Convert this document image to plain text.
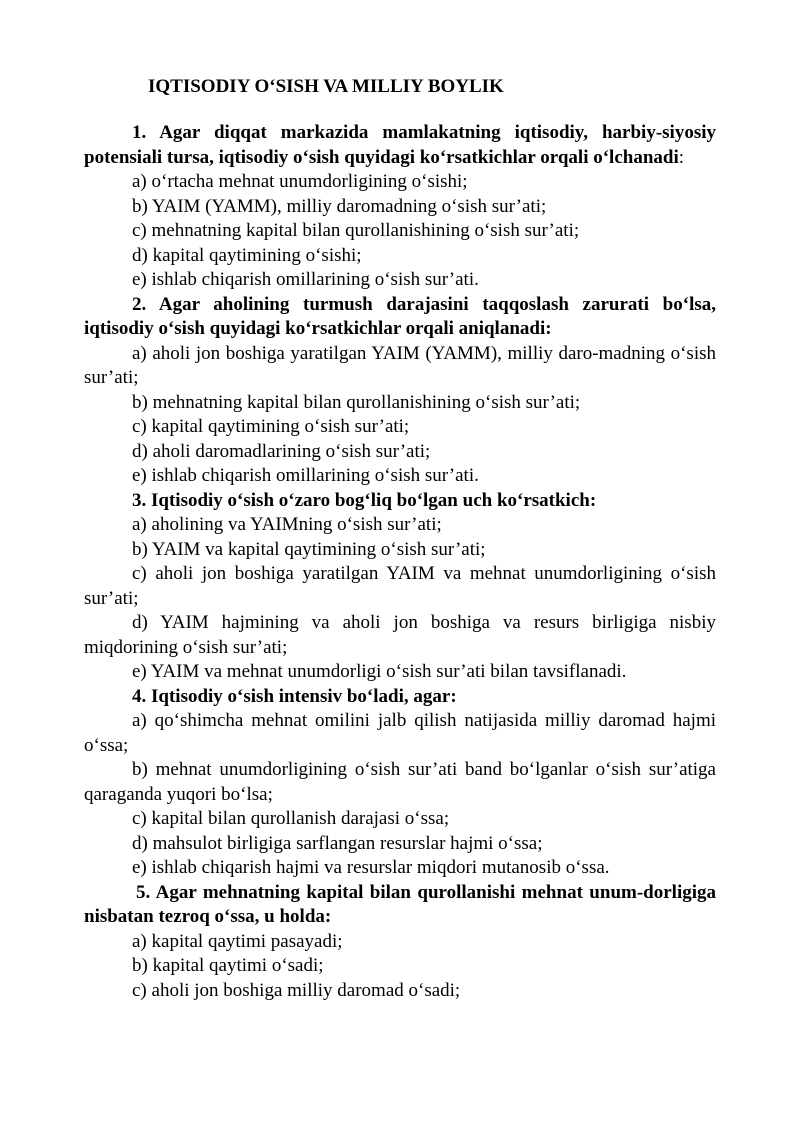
IQTISODIY O‘SISH VA MILLIY BOYLIK

1. Agar diqqat markazida mamlakatning iqtisodiy, harbiy-siyosiy potensiali tursa, iqtisodiy o‘sish quyidagi ko‘rsatkichlar orqali o‘lchanadi:

a) o‘rtacha mehnat unumdorligining o‘sishi;

b) YAIM (YAMM), milliy daromadning o‘sish sur’ati;

c) mehnatning kapital bilan qurollanishining o‘sish sur’ati;

d) kapital qaytimining o‘sishi;

e) ishlab chiqarish omillarining o‘sish sur’ati.

2. Agar aholining turmush darajasini taqqoslash zarurati bo‘lsa, iqtisodiy o‘sish quyidagi ko‘rsatkichlar orqali aniqlanadi:

a) aholi jon boshiga yaratilgan YAIM (YAMM), milliy daro-madning o‘sish sur’ati;

b) mehnatning kapital bilan qurollanishining o‘sish sur’ati;

c) kapital qaytimining o‘sish sur’ati;

d) aholi daromadlarining o‘sish sur’ati;

e) ishlab chiqarish omillarining o‘sish sur’ati.

3. Iqtisodiy o‘sish o‘zaro bog‘liq bo‘lgan uch ko‘rsatkich:

a) aholining va YAIMning o‘sish sur’ati;

b) YAIM va kapital qaytimining o‘sish sur’ati;

c) aholi jon boshiga yaratilgan YAIM va mehnat unumdorligining o‘sish sur’ati;

d) YAIM hajmining va aholi jon boshiga va resurs birligiga nisbiy miqdorining o‘sish sur’ati;

e) YAIM va mehnat unumdorligi o‘sish sur’ati bilan tavsiflanadi.

4. Iqtisodiy o‘sish intensiv bo‘ladi, agar:

a) qo‘shimcha mehnat omilini jalb qilish natijasida milliy daromad hajmi o‘ssa;

b) mehnat unumdorligining o‘sish sur’ati band bo‘lganlar o‘sish sur’atiga qaraganda yuqori bo‘lsa;

c) kapital bilan qurollanish darajasi o‘ssa;

d) mahsulot birligiga sarflangan resurslar hajmi o‘ssa;

e) ishlab chiqarish hajmi va resurslar miqdori mutanosib o‘ssa.

5. Agar mehnatning kapital bilan qurollanishi mehnat unum-dorligiga nisbatan tezroq o‘ssa, u holda:

a) kapital qaytimi pasayadi;

b) kapital qaytimi o‘sadi;

c) aholi jon boshiga milliy daromad o‘sadi;
